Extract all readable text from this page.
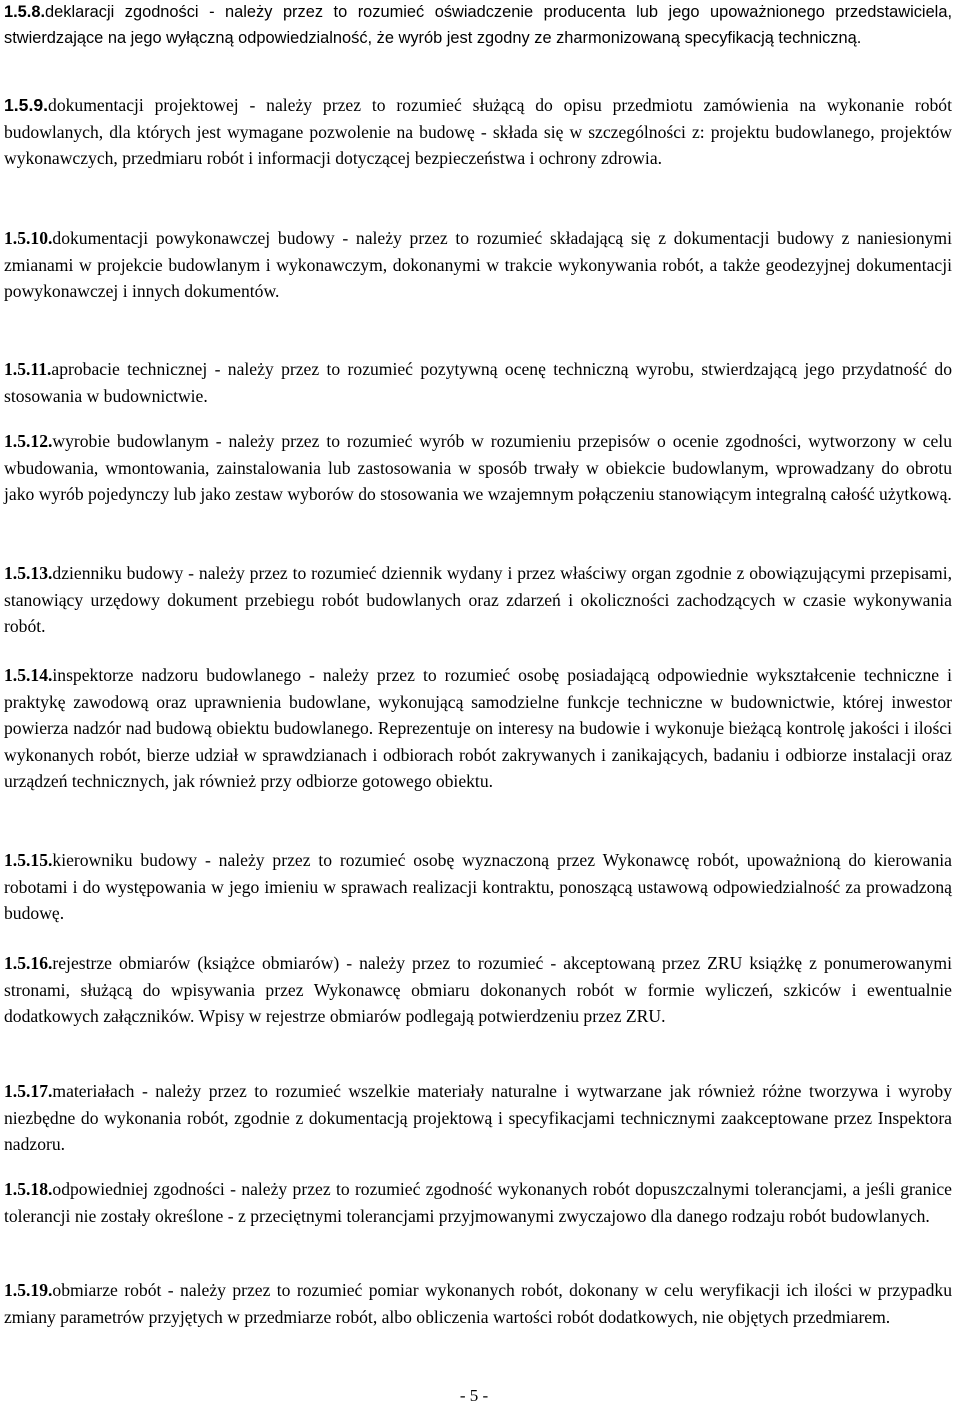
1.5.8.deklaracji zgodności - należy przez to rozumieć oświadczenie producenta lub jego upoważnionego przedstawiciela, stwierdzające na jego wyłączną odpowiedzialność, że wyrób jest zgodny ze zharmonizowaną specyfikacją techniczną.

1.5.9.dokumentacji projektowej - należy przez to rozumieć służącą do opisu przedmiotu zamówienia na wykonanie robót budowlanych, dla których jest wymagane pozwolenie na budowę - składa się w szczególności z: projektu budowlanego, projektów wykonawczych, przedmiaru robót i informacji dotyczącej bezpieczeństwa i ochrony zdrowia.

1.5.10.dokumentacji powykonawczej budowy - należy przez to rozumieć składającą się z dokumentacji budowy z naniesionymi zmianami w projekcie budowlanym i wykonawczym, dokonanymi w trakcie wykonywania robót, a także geodezyjnej dokumentacji powykonawczej i innych dokumentów.

1.5.11.aprobacie technicznej - należy przez to rozumieć pozytywną ocenę techniczną wyrobu, stwierdzającą jego przydatność do stosowania w budownictwie.

1.5.12.wyrobie budowlanym - należy przez to rozumieć wyrób w rozumieniu przepisów o ocenie zgodności, wytworzony w celu wbudowania, wmontowania, zainstalowania lub zastosowania w sposób trwały w obiekcie budowlanym, wprowadzany do obrotu jako wyrób pojedynczy lub jako zestaw wyborów do stosowania we wzajemnym połączeniu stanowiącym integralną całość użytkową.

1.5.13.dzienniku budowy - należy przez to rozumieć dziennik wydany i przez właściwy organ zgodnie z obowiązującymi przepisami, stanowiący urzędowy dokument przebiegu robót budowlanych oraz zdarzeń i okoliczności zachodzących w czasie wykonywania robót.

1.5.14.inspektorze nadzoru budowlanego - należy przez to rozumieć osobę posiadającą odpowiednie wykształcenie techniczne i praktykę zawodową oraz uprawnienia budowlane, wykonującą samodzielne funkcje techniczne w budownictwie, której inwestor powierza nadzór nad budową obiektu budowlanego. Reprezentuje on interesy na budowie i wykonuje bieżącą kontrolę jakości i ilości wykonanych robót, bierze udział w sprawdzianach i odbiorach robót zakrywanych i zanikających, badaniu i odbiorze instalacji oraz urządzeń technicznych, jak również przy odbiorze gotowego obiektu.

1.5.15.kierowniku budowy - należy przez to rozumieć osobę wyznaczoną przez Wykonawcę robót, upoważnioną do kierowania robotami i do występowania w jego imieniu w sprawach realizacji kontraktu, ponoszącą ustawową odpowiedzialność za prowadzoną budowę.

1.5.16.rejestrze obmiarów (książce obmiarów) - należy przez to rozumieć - akceptowaną przez ZRU książkę z ponumerowanymi stronami, służącą do wpisywania przez Wykonawcę obmiaru dokonanych robót w formie wyliczeń, szkiców i ewentualnie dodatkowych załączników. Wpisy w rejestrze obmiarów podlegają potwierdzeniu przez ZRU.

1.5.17.materiałach - należy przez to rozumieć wszelkie materiały naturalne i wytwarzane jak również różne tworzywa i wyroby niezbędne do wykonania robót, zgodnie z dokumentacją projektową i specyfikacjami technicznymi zaakceptowane przez Inspektora nadzoru.

1.5.18.odpowiedniej zgodności - należy przez to rozumieć zgodność wykonanych robót dopuszczalnymi tolerancjami, a jeśli granice tolerancji nie zostały określone - z przeciętnymi tolerancjami przyjmowanymi zwyczajowo dla danego rodzaju robót budowlanych.

1.5.19.obmiarze robót - należy przez to rozumieć pomiar wykonanych robót, dokonany w celu weryfikacji ich ilości w przypadku zmiany parametrów przyjętych w przedmiarze robót, albo obliczenia wartości robót dodatkowych, nie objętych przedmiarem.

- 5 -
